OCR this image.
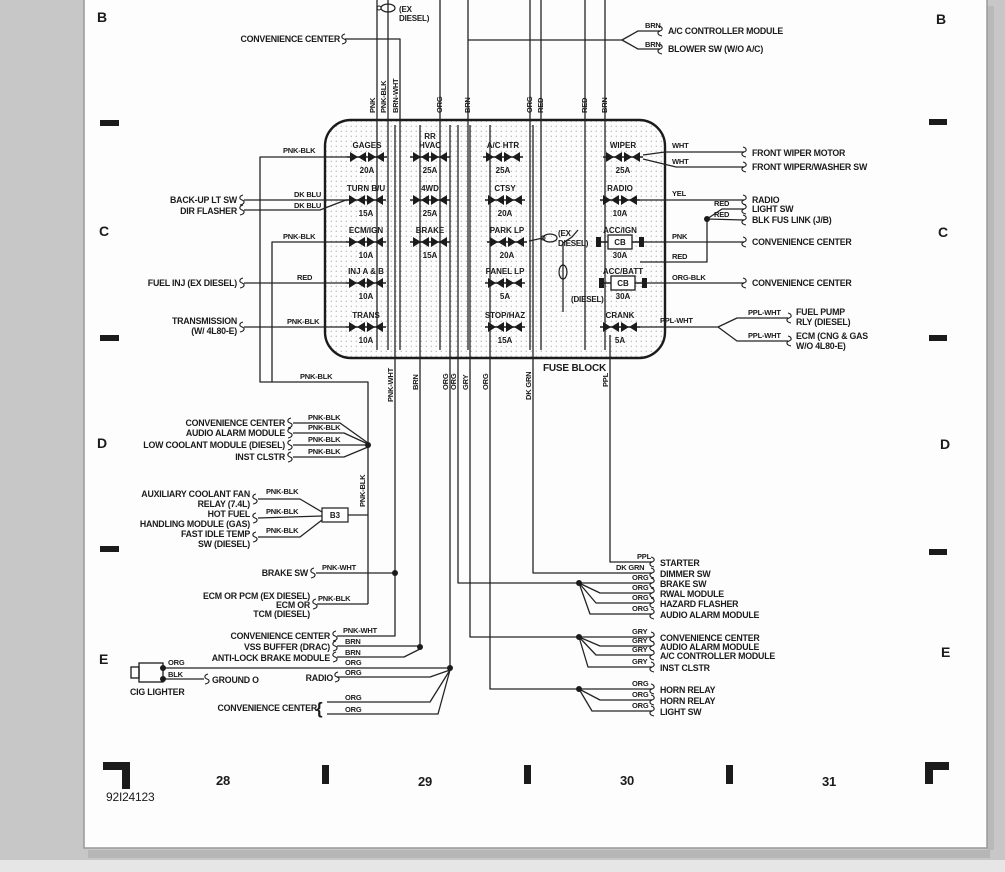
GAGES
20A
RR
HVAC
25A
A/C HTR
25A
WIPER
25A
TURN B/U
15A
4WD
25A
CTSY
20A
RADIO
10A
ECM/IGN
10A
BRAKE
15A
PARK LP
20A
CB
ACC/IGN
30A
INJ A & B
10A
PANEL LP
5A
CB
ACC/BATT
30A
TRANS
10A
STOP/HAZ
15A
CRANK
5A
B3
B
C
D
E
B
C
D
E
28	29	30	31
92I24123
CONVENIENCE CENTER
(EX
DIESEL)
A/C CONTROLLER MODULE
BLOWER SW (W/O A/C)
BRN
BRN
PNK-BLK
DK BLU
DK BLU
BACK-UP LT SW
DIR FLASHER
PNK-BLK
RED
FUEL INJ (EX DIESEL)
PNK-BLK
TRANSMISSION
(W/ 4L80-E)
WHT
WHT
FRONT WIPER MOTOR
FRONT WIPER/WASHER SW
YEL
RADIO
RED
RED
LIGHT SW
BLK FUS LINK (J/B)
PNK
CONVENIENCE CENTER
RED
(EX
DIESEL)
ORG-BLK
CONVENIENCE CENTER
(DIESEL)
PPL-WHT
PPL-WHT
PPL-WHT
FUEL PUMP
RLY (DIESEL)
ECM (CNG & GAS
W/O 4L80-E)
FUSE BLOCK
PNK-BLK
CONVENIENCE CENTER
AUDIO ALARM MODULE
LOW COOLANT MODULE (DIESEL)
INST CLSTR
PNK-BLK
PNK-BLK
PNK-BLK
PNK-BLK
AUXILIARY COOLANT FAN
RELAY (7.4L)
HOT FUEL
HANDLING MODULE (GAS)
FAST IDLE TEMP
SW (DIESEL)
PNK-BLK
PNK-BLK
PNK-BLK
PNK-BLK
BRAKE SW
PNK-WHT
ECM OR PCM (EX DIESEL)
ECM OR
TCM (DIESEL)
PNK-BLK
CONVENIENCE CENTER
PNK-WHT
VSS BUFFER (DRAC)
BRN
ANTI-LOCK BRAKE MODULE
BRN
ORG
RADIO
ORG
ORG
BLK
GROUND O
CIG LIGHTER
CONVENIENCE CENTER {
ORG
ORG
PPL
STARTER
DK GRN
DIMMER SW
ORG
BRAKE SW
ORG
RWAL MODULE
ORG
HAZARD FLASHER
ORG
AUDIO ALARM MODULE
GRY
CONVENIENCE CENTER
GRY
AUDIO ALARM MODULE
GRY
A/C CONTROLLER MODULE
GRY
INST CLSTR
ORG
HORN RELAY
ORG
HORN RELAY
ORG
LIGHT SW
PNK PNK-BLK BRN-WHT	ORG	BRN	ORG RED	RED BRN
PNK-WHT BRN	ORG ORG GRY ORG	DK GRN	PPL
